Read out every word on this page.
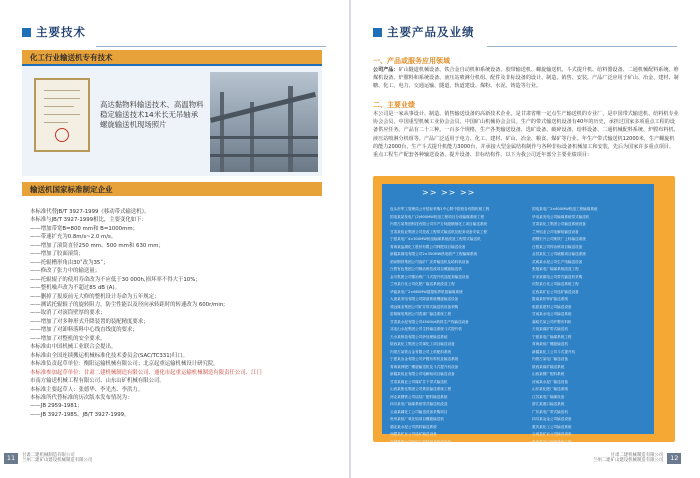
主要技术
化工行业输送机专有技术
高达黏物料输送技术、高温物料稳定输送技术14米长无吊轴承螺旋输送机现场照片
输送机国家标准制定企业
本标准代替JB/T 3927-1999《移动带式输送机》。
本标准与JB/T 3927-1999相比，主要变化如下：
——增加带宽B=800 mm和 B=1000mm；
——带速扩充为0.8m/s~2.0 m/s。
——增加了滚筒直径250 mm、500 mm和 630 mm；
——增加了胶面滚筒；
——托辊槽形角由30˚改为35˚；
——修改了张力中的输送量；
——托辊辊子的使用寿命改为不应低于30 000h,损坏率不得大于10%；
——整机噪声改为不超过85 dB (A)。
——删掉了报废前无大修的整机设计寿命为五年规定；
——测试托辊辊子的旋转阻力，防尘性能以及径向承转距时的转速改为 600r/min;
——取消了对滚筒壁厚的要求；
——增加了对多种形式升降装置的装配精度要求；
——增加了对卸料落料中心线直线度的要求；
——增加了对整机的安全要求。
本标准由中国机械工业联合会提出。
本标准由全国连续搬运机械标准化技术委员会(SAC/TC331)归口。
本标准负责起草单位：衡阳运输机械有限公司；北京起重运输机械设计研究院。
本标准参加起草单位：甘肃二建机械制造有限公司、通化市起重运输机械制造有限责任公司、江门
市南方输送机械工程有限公司、山东山矿机械有限公司。
本标准主要起草人：张德华、李光杰、李洪力。
本标准所代替标准的历次版本发布情况为：
——JB 2959-1981；
——JB 3927-1985、JB/T 3927-1999。
11	甘肃二建机械制造有限公司
兰州二建矿山建设机械制造有限公司
主要产品及业绩
一、产品或服务应用领域
公司产品：矿山隧道机械设备、铁合金自动机和系统设备、胶带输送机、螺旋输送机、斗式提升机、给料器设备、二通机械配料系统、堆煤机设备、炉膛料和系统设备、液压站喷淋分机组、配件及非标设备的设计、制造、销售、安装。产品广泛应用于矿山、冶金、建材、制糖、化工、电力、交通运输、隧道、轨道建设、煤粉、水泥、铸造等行业。
二、主要业绩
本公司是一家从事设计、制造、销售输送设备的高新技术企业，是甘肃省唯一定点生产输送机的专业厂，是中国带式输送机、给料机专业协会会员，中国重型机械工业协会会员、中国矿山机械协会会员。生产的带式输送机设备有40年的历史，承担过国家多项重点工程的设备供应任务。产品有二十三种，一百多个规格，生产各类输送设备、选矿设备、破碎设备、给料设备、二通机械配料系统、炉膛布料机、液压站喷淋分机组等。产品广泛适用于电力、化工、建材、矿山、冶金、粮食、煤矿等行业。年生产带式输送机12000米，生产螺旋机的能力2000台，生产斗式提升机能力3000台，并承接大型金属结构制作与各种非标设备机械加工和安装，先后为国家许多重点项目、重点工程生产配套各种输送设备、提升设备、非标结构件。以下为我公司近年部分主要业绩项目：
>> >> >>
包头市军工管理局公开招标采购1中心附中院校各有限机械工程
国电某某发电厂(2)600MW机组工程项目分项输煤系统工程
内蒙古某集团科技有限公司年产万吨级精细化工项目输送系统
甘肃某铝业集团公司技改工程带式输送机及配套设备安装工程
宁夏某电厂4×300MW机组输煤系统改造工程带式输送机
青海某盐湖化工股份有限公司钾肥项目输送设备
新疆某煤电有限公司2×350MW热电联产工程输煤系统
酒泉钢铁集团公司选矿厂皮带输送机及给料机设备
白银有色集团公司铜冶炼技改项目螺旋输送机
金川集团公司镍冶炼厂斗式提升机及配套输送设备
兰州某石化公司化肥厂输送系统改造工程
华能某电厂2×660MW超超临界机组输煤系统
大唐某发电有限公司除渣系统螺旋输送设备
靖远煤业集团公司矿井带式输送机设备采购
窑街煤电集团公司洗煤厂输送系统工程
甘肃某水泥有限公司4500t/d熟料生产线输送设备
祁连山水泥集团公司生料输送系统斗式提升机
天水某铸造有限公司砂处理输送系统
陕西某化工集团公司煤化工项目输送设备
内蒙古某铁合金有限公司上料配料系统
宁夏某冶金有限公司炉膛布料机及输送系统
青海某钾肥厂螺旋输送机及斗式提升机设备
新疆某铝业有限公司电解铝项目输送设备
甘肃某煤业公司煤矿井下带式输送机
山西某焦化集团公司焦炭输送系统工程
河北某钢铁公司烧结厂配料输送系统
四川某电厂输煤系统带式输送机改造
云南某磷化工公司输送设备采购项目
贵州某铝厂氧化铝项目螺旋输送机
湖北某水泥公司熟料输送系统
西藏某矿业公司选矿输送设备
包钢集团公司选矿厂给料机及输送设备
国电某电厂2×600MW机组工程输煤系统
华电某发电公司输煤系统带式输送机
甘肃某化工集团公司输送系统设备
兰州铝业公司电解铝输送设备
酒钢宏兴公司炼铁厂上料输送系统
白银某公司锌冶炼项目输送设备
金昌某化工公司硫酸项目输送系统
武威某水泥公司生产线输送设备
张掖某电厂输煤系统改造工程
平凉某煤电公司带式输送机采购
庆阳某石化公司输送系统工程
定西某矿业公司选矿输送设备
陇南某铅锌矿输送系统
临夏某建材公司输送设备
甘南某水电公司输送系统
嘉峪关某公司炉膛布料机
天祝某煤矿带式输送机
宁夏某电厂输煤系统工程
青海某铝厂螺旋输送机
新疆某化工公司斗式提升机
内蒙古某电厂输送设备
陕西某煤矿输送系统
山西某钢厂配料系统
河南某水泥厂输送设备
山东某化肥厂输送系统
江苏某电厂输煤设备
浙江某港口输送系统
广东某电厂带式输送机
四川某冶金公司输送设备
重庆某化工公司输送系统
云南某矿业公司输送设备
贵州某电厂输煤系统工程
甘肃二建机械制造有限公司
兰州二建矿山建设机械制造有限公司	12
